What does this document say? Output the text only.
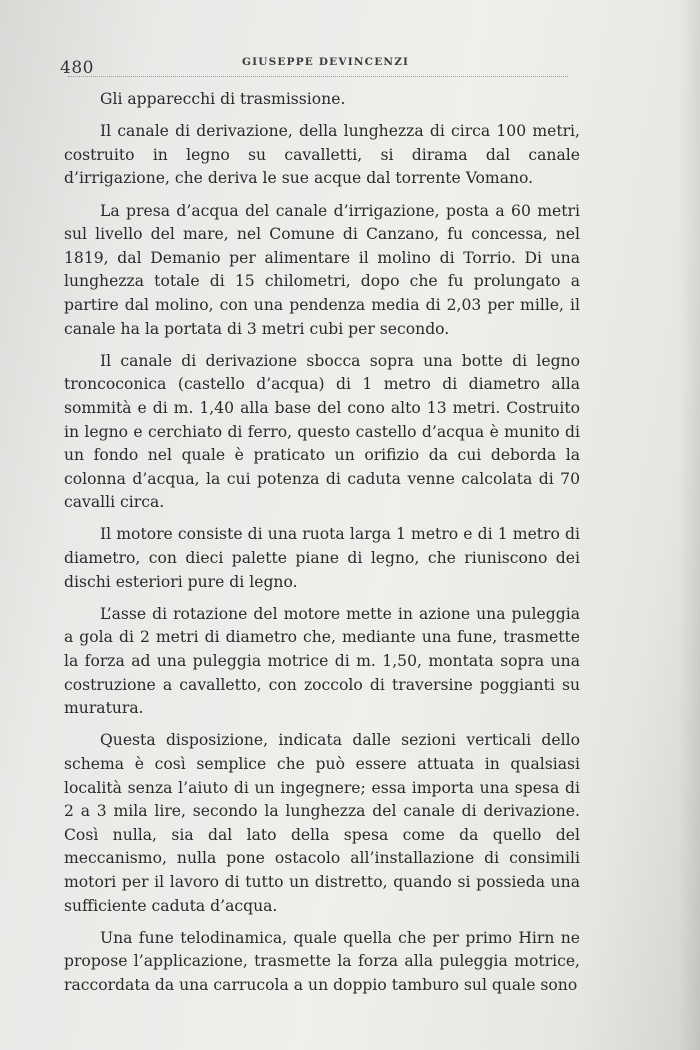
480	GIUSEPPE DEVINCENZI

Gli apparecchi di trasmissione.

Il canale di derivazione, della lunghezza di circa 100 metri, costruito in legno su cavalletti, si dirama dal canale d’irrigazione, che deriva le sue acque dal torrente Vomano.

La presa d’acqua del canale d’irrigazione, posta a 60 metri sul livello del mare, nel Comune di Canzano, fu concessa, nel 1819, dal Demanio per alimentare il molino di Torrio. Di una lunghezza totale di 15 chilometri, dopo che fu prolungato a partire dal molino, con una pendenza media di 2,03 per mille, il canale ha la portata di 3 metri cubi per secondo.

Il canale di derivazione sbocca sopra una botte di legno troncoconica (castello d’acqua) di 1 metro di diametro alla sommità e di m. 1,40 alla base del cono alto 13 metri. Costruito in legno e cerchiato di ferro, questo castello d’acqua è munito di un fondo nel quale è praticato un orifizio da cui deborda la colonna d’acqua, la cui potenza di caduta venne calcolata di 70 cavalli circa.

Il motore consiste di una ruota larga 1 metro e di 1 metro di diametro, con dieci palette piane di legno, che riuniscono dei dischi esteriori pure di legno.

L’asse di rotazione del motore mette in azione una puleggia a gola di 2 metri di diametro che, mediante una fune, trasmette la forza ad una puleggia motrice di m. 1,50, montata sopra una costruzione a cavalletto, con zoccolo di traversine poggianti su muratura.

Questa disposizione, indicata dalle sezioni verticali dello schema è così semplice che può essere attuata in qualsiasi località senza l’aiuto di un ingegnere; essa importa una spesa di 2 a 3 mila lire, secondo la lunghezza del canale di derivazione. Così nulla, sia dal lato della spesa come da quello del meccanismo, nulla pone ostacolo all’installazione di consimili motori per il lavoro di tutto un distretto, quando si possieda una sufficiente caduta d’acqua.

Una fune telodinamica, quale quella che per primo Hirn ne propose l’applicazione, trasmette la forza alla puleggia motrice, raccordata da una carrucola a un doppio tamburo sul quale sono
